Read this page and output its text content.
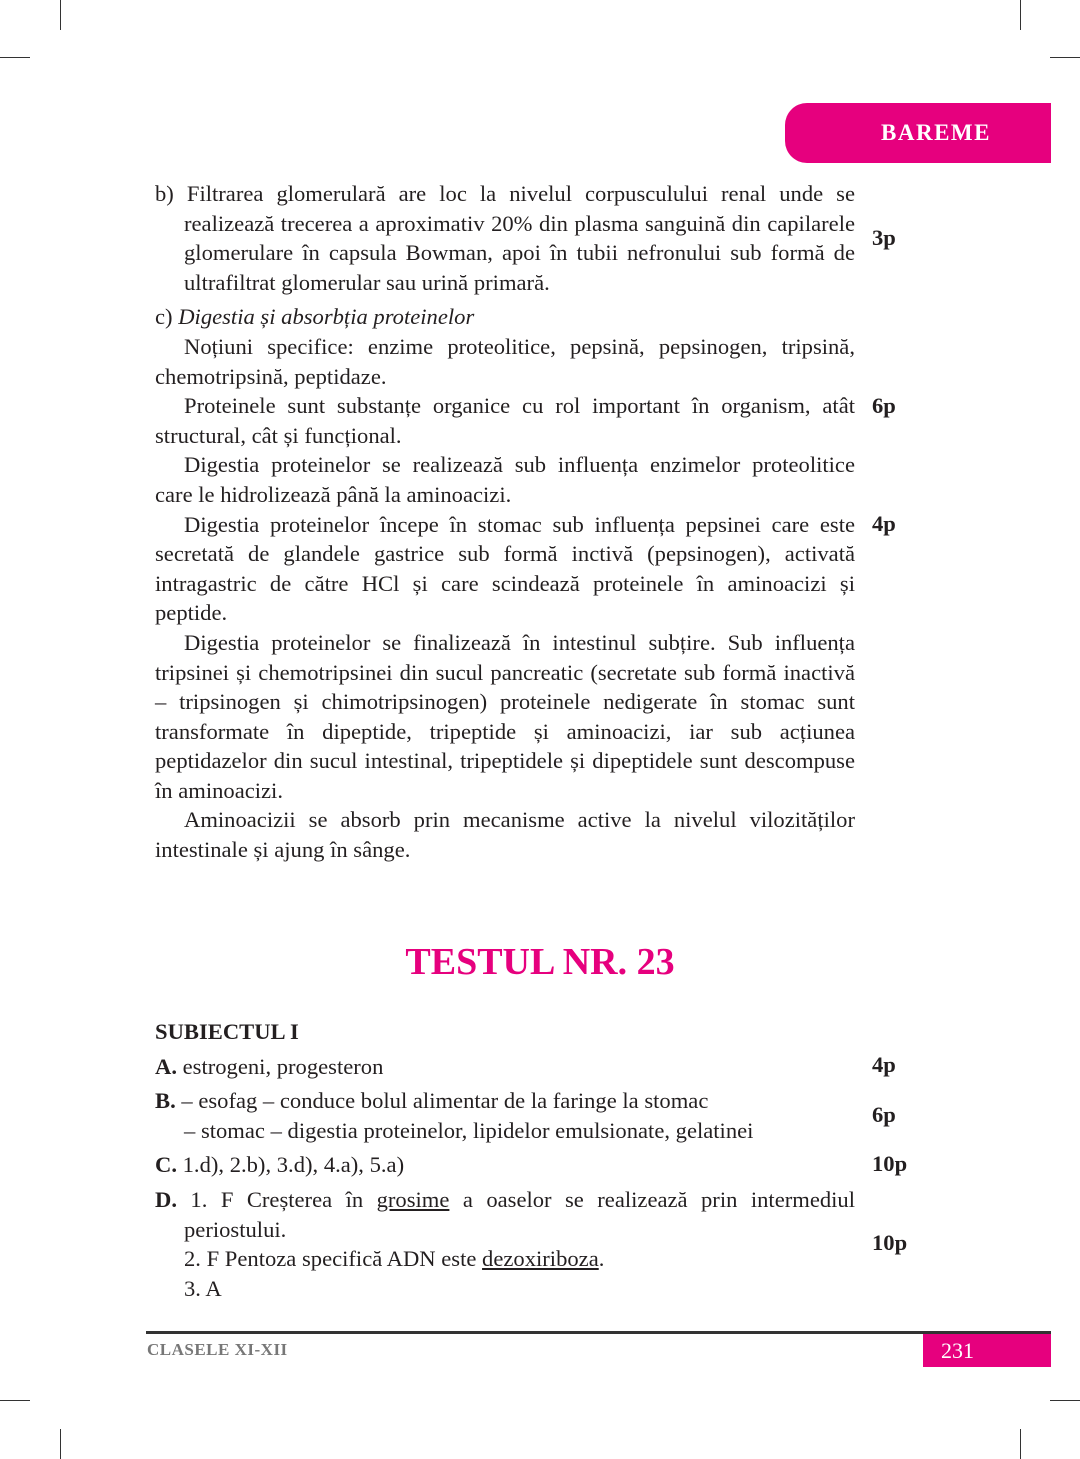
BAREME

b) Filtrarea glomerulară are loc la nivelul corpusculului renal unde se realizează trecerea a aproximativ 20% din plasma sanguină din capilarele glomerulare în capsula Bowman, apoi în tubii nefronului sub formă de ultrafiltrat glomerular sau urină primară.

c) Digestia și absorbția proteinelor

Noțiuni specifice: enzime proteolitice, pepsină, pepsinogen, tripsină, chemotripsină, peptidaze.

Proteinele sunt substanțe organice cu rol important în organism, atât structural, cât și funcțional.

Digestia proteinelor se realizează sub influența enzimelor proteolitice care le hidrolizează până la aminoacizi.

Digestia proteinelor începe în stomac sub influența pepsinei care este secretată de glandele gastrice sub formă inctivă (pepsinogen), activată intragastric de către HCl și care scindează proteinele în aminoacizi și peptide.

Digestia proteinelor se finalizează în intestinul subțire. Sub influența tripsinei și chemotripsinei din sucul pancreatic (secretate sub formă inactivă – tripsinogen și chimotripsinogen) proteinele nedigerate în stomac sunt transformate în dipeptide, tripeptide și aminoacizi, iar sub acțiunea peptidazelor din sucul intestinal, tripeptidele și dipeptidele sunt descompuse în aminoacizi.

Aminoacizii se absorb prin mecanisme active la nivelul vilozităților intestinale și ajung în sânge.

3p
6p
4p
TESTUL NR. 23

SUBIECTUL I

A. estrogeni, progesteron

B. – esofag – conduce bolul alimentar de la faringe la stomac

– stomac – digestia proteinelor, lipidelor emulsionate, gelatinei

C. 1.d), 2.b), 3.d), 4.a), 5.a)

D. 1. F Creșterea în grosime a oaselor se realizează prin intermediul periostului.

2. F Pentoza specifică ADN este dezoxiriboza.

3. A

4p
6p
10p
10p
CLASELE XI-XII	231
